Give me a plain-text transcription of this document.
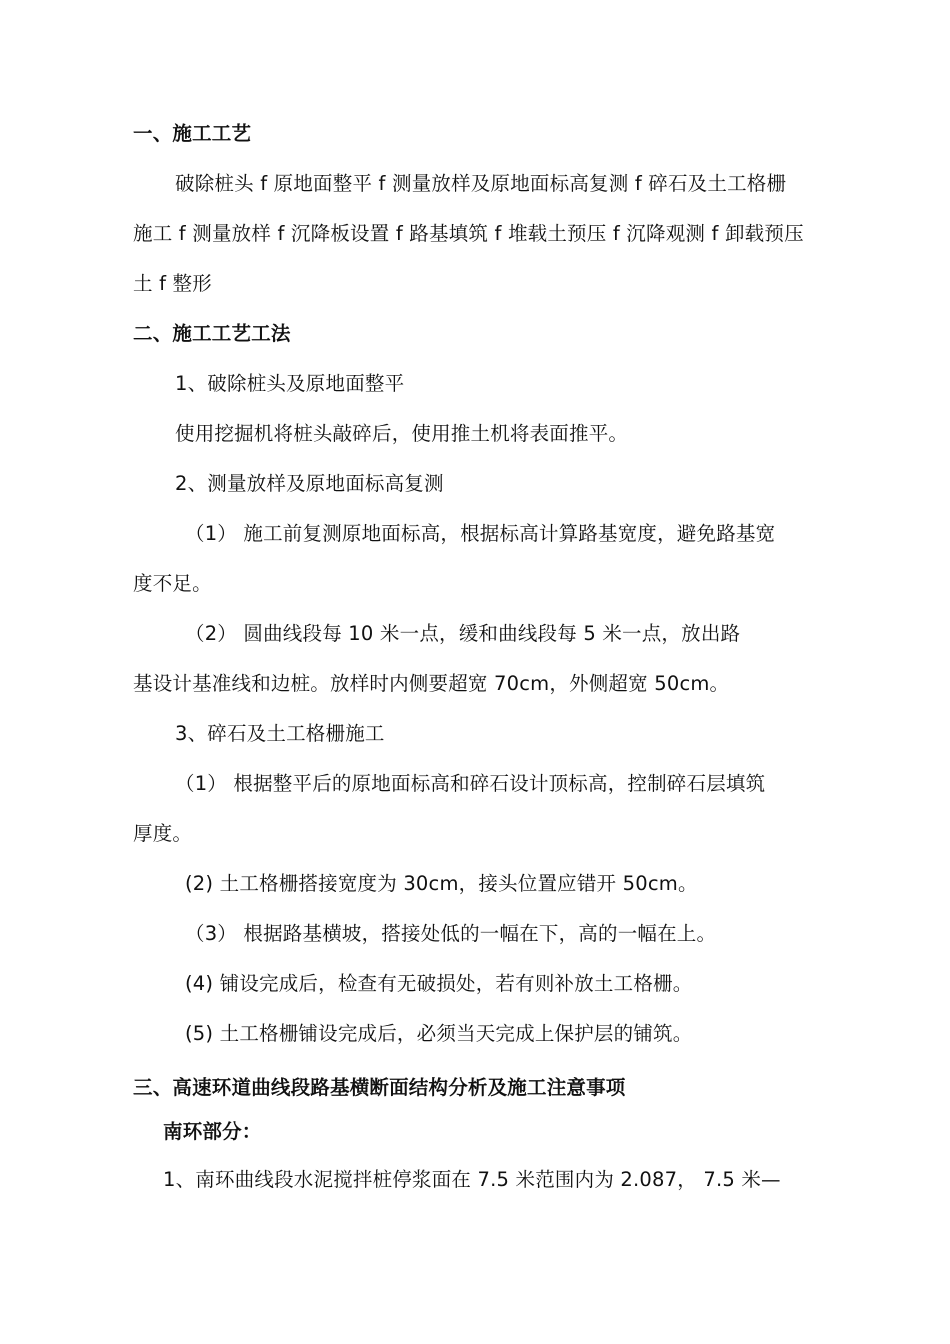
一、施工工艺
破除桩头 f 原地面整平 f 测量放样及原地面标高复测 f 碎石及土工格栅
施工 f 测量放样 f 沉降板设置 f 路基填筑 f 堆载土预压 f 沉降观测 f 卸载预压
土 f 整形
二、施工工艺工法
1、破除桩头及原地面整平
使用挖掘机将桩头敲碎后，使用推土机将表面推平。
2、测量放样及原地面标高复测
（1） 施工前复测原地面标高，根据标高计算路基宽度，避免路基宽
度不足。
（2） 圆曲线段每 10 米一点，缓和曲线段每 5 米一点，放出路
基设计基准线和边桩。放样时内侧要超宽 70cm，外侧超宽 50cm。
3、碎石及土工格栅施工
（1） 根据整平后的原地面标高和碎石设计顶标高，控制碎石层填筑
厚度。
(2) 土工格栅搭接宽度为 30cm，接头位置应错开 50cm。
（3） 根据路基横坡，搭接处低的一幅在下，高的一幅在上。
(4) 铺设完成后，检查有无破损处，若有则补放土工格栅。
(5) 土工格栅铺设完成后，必须当天完成上保护层的铺筑。
三、高速环道曲线段路基横断面结构分析及施工注意事项
南环部分：
1、南环曲线段水泥搅拌桩停浆面在 7.5 米范围内为 2.087， 7.5 米—
